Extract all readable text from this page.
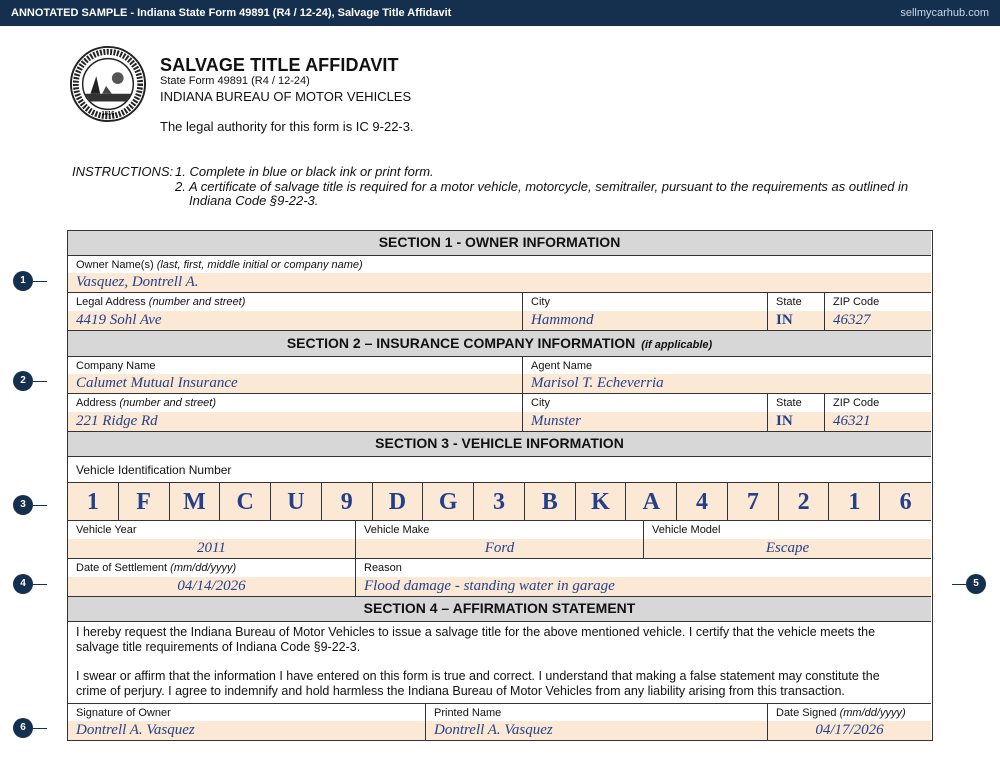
ANNOTATED SAMPLE - Indiana State Form 49891 (R4 / 12-24), Salvage Title Affidavit	sellmycarhub.com
1816
SALVAGE TITLE AFFIDAVIT
State Form 49891 (R4 / 12-24)
INDIANA BUREAU OF MOTOR VEHICLES
The legal authority for this form is IC 9-22-3.
INSTRUCTIONS: 1. Complete in blue or black ink or print form.
2. A certificate of salvage title is required for a motor vehicle, motorcycle, semitrailer, pursuant to the requirements as outlined in
Indiana Code §9-22-3.
1
2
3
4	5
6
SECTION 1 - OWNER INFORMATION
Owner Name(s) (last, first, middle initial or company name)
Vasquez, Dontrell A.
Legal Address (number and street)
4419 Sohl Ave
City
Hammond
State
IN
ZIP Code
46327
SECTION 2 – INSURANCE COMPANY INFORMATION (if applicable)
Company Name
Calumet Mutual Insurance
Agent Name
Marisol T. Echeverria
Address (number and street)
221 Ridge Rd
City
Munster
State
IN
ZIP Code
46321
SECTION 3 - VEHICLE INFORMATION
Vehicle Identification Number
1	F	M	C	U	9	D	G	3	B	K	A	4	7	2	1	6
Vehicle Year
2011
Vehicle Make
Ford
Vehicle Model
Escape
Date of Settlement (mm/dd/yyyy)
04/14/2026
Reason
Flood damage - standing water in garage
SECTION 4 – AFFIRMATION STATEMENT
I hereby request the Indiana Bureau of Motor Vehicles to issue a salvage title for the above mentioned vehicle. I certify that the vehicle meets the
salvage title requirements of Indiana Code §9-22-3.
I swear or affirm that the information I have entered on this form is true and correct. I understand that making a false statement may constitute the
crime of perjury. I agree to indemnify and hold harmless the Indiana Bureau of Motor Vehicles from any liability arising from this transaction.
Signature of Owner
Dontrell A. Vasquez
Printed Name
Dontrell A. Vasquez
Date Signed (mm/dd/yyyy)
04/17/2026
